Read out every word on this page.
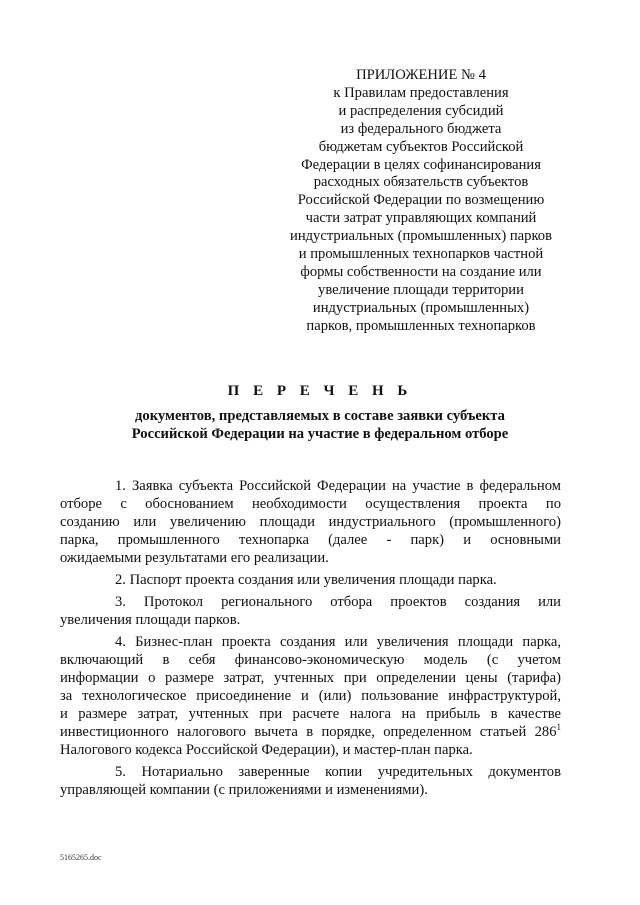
ПРИЛОЖЕНИЕ № 4
к Правилам предоставления
и распределения субсидий
из федерального бюджета
бюджетам субъектов Российской
Федерации в целях софинансирования
расходных обязательств субъектов
Российской Федерации по возмещению
части затрат управляющих компаний
индустриальных (промышленных) парков
и промышленных технопарков частной
формы собственности на создание или
увеличение площади территории
индустриальных (промышленных)
парков, промышленных технопарков
П Е Р Е Ч Е Н Ь
документов, представляемых в составе заявки субъекта
Российской Федерации на участие в федеральном отборе
1. Заявка субъекта Российской Федерации на участие в федеральном
отборе с обоснованием необходимости осуществления проекта по
созданию или увеличению площади индустриального (промышленного)
парка, промышленного технопарка (далее - парк) и основными
ожидаемыми результатами его реализации.
2. Паспорт проекта создания или увеличения площади парка.
3. Протокол регионального отбора проектов создания или
увеличения площади парков.
4. Бизнес-план проекта создания или увеличения площади парка,
включающий в себя финансово-экономическую модель (с учетом
информации о размере затрат, учтенных при определении цены (тарифа)
за технологическое присоединение и (или) пользование инфраструктурой,
и размере затрат, учтенных при расчете налога на прибыль в качестве
инвестиционного налогового вычета в порядке, определенном статьей $286^1$
Налогового кодекса Российской Федерации), и мастер-план парка.
5. Нотариально заверенные копии учредительных документов
управляющей компании (с приложениями и изменениями).
5165265.doc
